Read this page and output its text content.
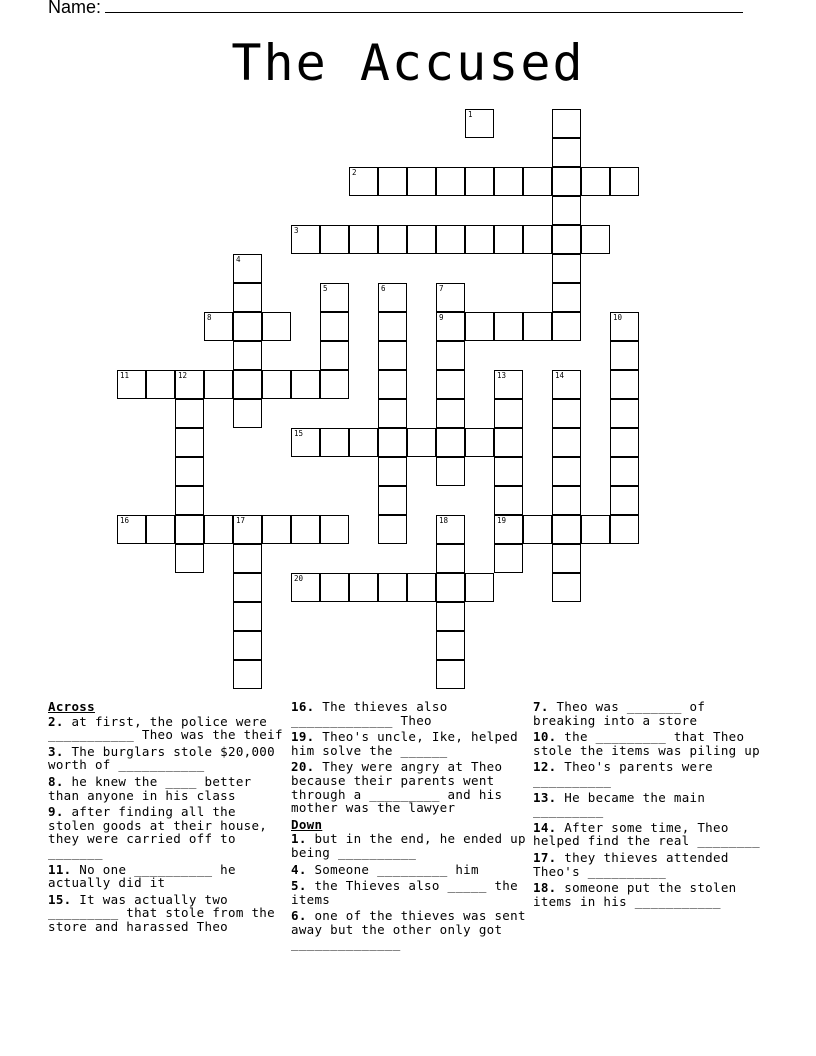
Name:
The Accused
2
3
4
5	6	7
9
8	10
11	12	13
19
14
15
16	17	18
20
1
Across
2. at first, the police were ___________ Theo was the theif
3. The burglars stole $20,000 worth of ___________
8. he knew the ____ better than anyone in his class
9. after finding all the stolen goods at their house, they were carried off to _______
11. No one __________ he actually did it
15. It was actually two _________ that stole from the store and harassed Theo
16. The thieves also _____________ Theo
19. Theo's uncle, Ike, helped him solve the ______
20. They were angry at Theo because their parents went through a _________ and his mother was the lawyer
Down
1. but in the end, he ended up being __________
4. Someone _________ him
5. the Thieves also _____ the items
6. one of the thieves was sent away but the other only got ______________
7. Theo was _______ of breaking into a store
10. the _________ that Theo stole the items was piling up
12. Theo's parents were __________
13. He became the main _________
14. After some time, Theo helped find the real ________
17. they thieves attended Theo's __________
18. someone put the stolen items in his ___________
